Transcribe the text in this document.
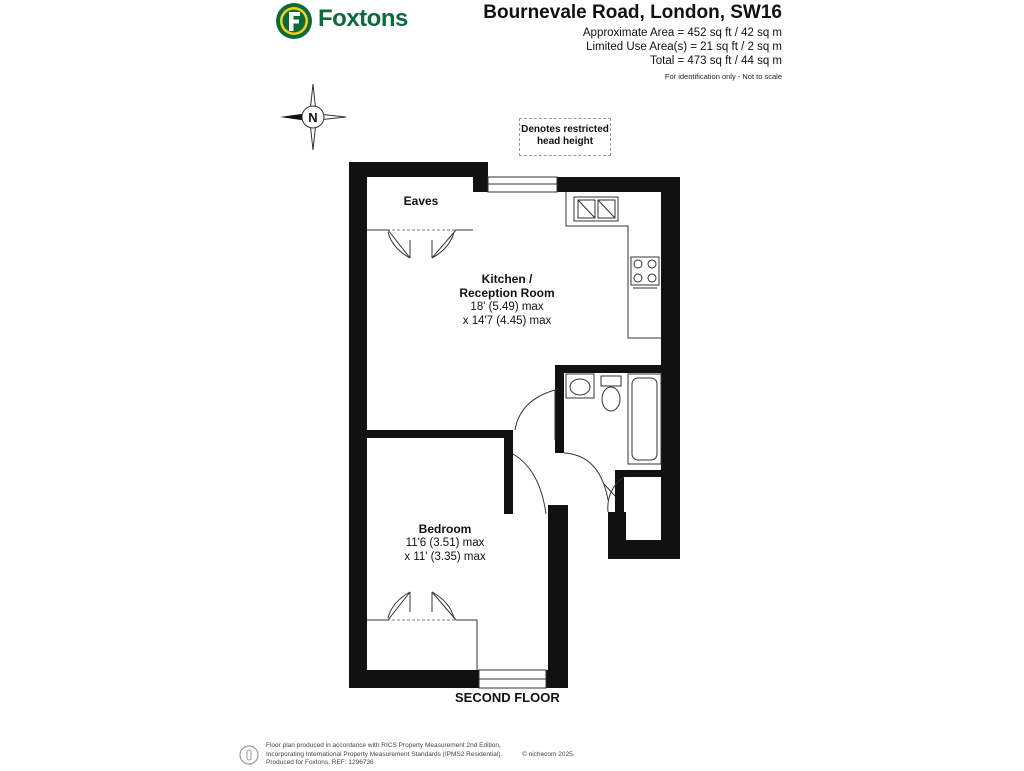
Foxtons	Bournevale Road, London, SW16
Approximate Area = 452 sq ft / 42 sq m
Limited Use Area(s) = 21 sq ft / 2 sq m
Total = 473 sq ft / 44 sq m
For identification only - Not to scale
N
Denotes restricted
head height
Eaves
Kitchen /
Reception Room
18' (5.49) max
x 14'7 (4.45) max
Bedroom
11'6 (3.51) max
x 11' (3.35) max
SECOND FLOOR
Floor plan produced in accordance with RICS Property Measurement 2nd Edition,
Incorporating International Property Measurement Standards (IPMS2 Residential).
Produced for Foxtons. REF: 1296736
© nichecom 2025.
